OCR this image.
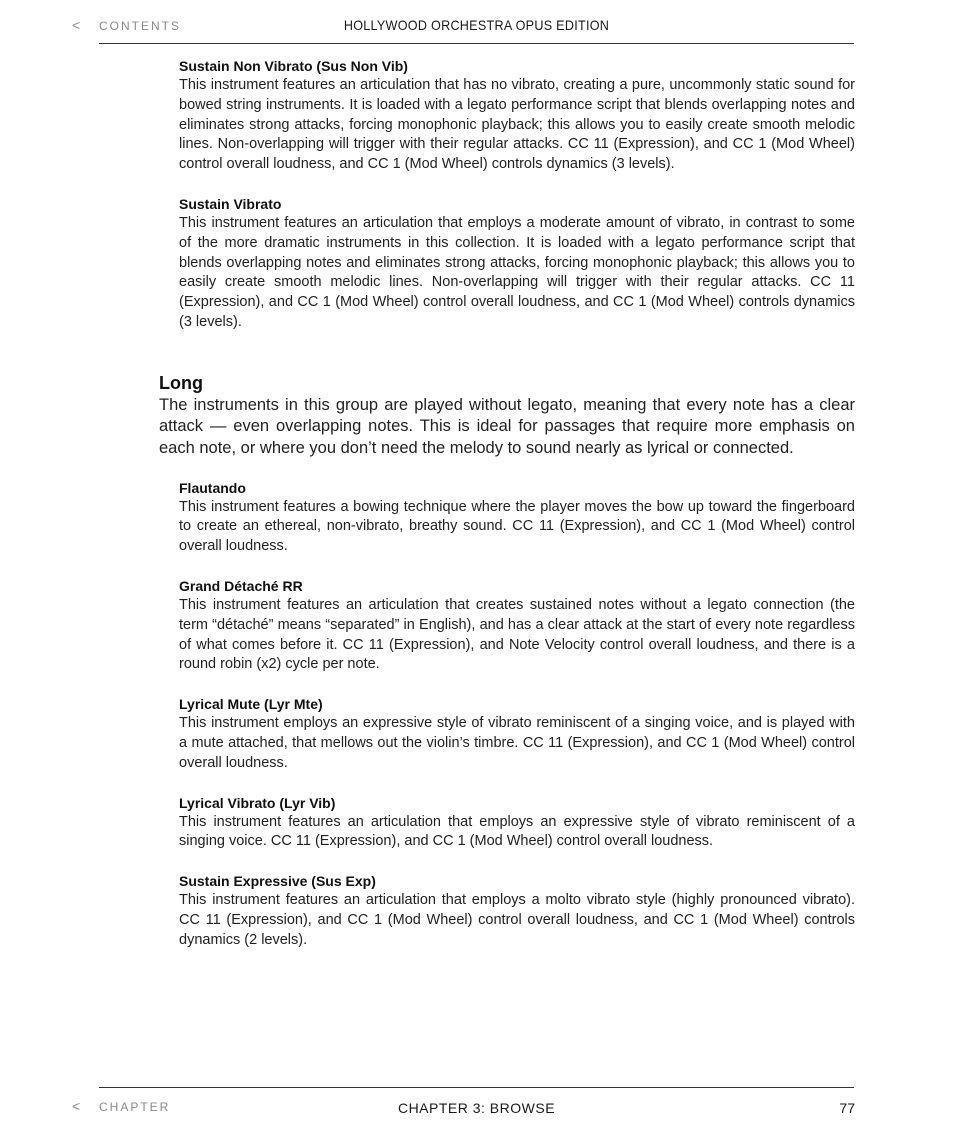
< CONTENTS	HOLLYWOOD ORCHESTRA OPUS EDITION
Sustain Non Vibrato (Sus Non Vib)

This instrument features an articulation that has no vibrato, creating a pure, uncommonly static sound for bowed string instruments. It is loaded with a legato performance script that blends overlapping notes and eliminates strong attacks, forcing monophonic playback; this allows you to easily create smooth melodic lines. Non-overlapping will trigger with their regular attacks. CC 11 (Expression), and CC 1 (Mod Wheel) control overall loudness, and CC 1 (Mod Wheel) controls dynamics (3 levels).

Sustain Vibrato

This instrument features an articulation that employs a moderate amount of vibrato, in contrast to some of the more dramatic instruments in this collection. It is loaded with a legato performance script that blends overlapping notes and eliminates strong attacks, forcing monophonic playback; this allows you to easily create smooth melodic lines. Non-overlapping will trigger with their regular attacks. CC 11 (Expression), and CC 1 (Mod Wheel) control overall loudness, and CC 1 (Mod Wheel) controls dynamics (3 levels).

Long

The instruments in this group are played without legato, meaning that every note has a clear attack — even overlapping notes. This is ideal for passages that require more emphasis on each note, or where you don’t need the melody to sound nearly as lyrical or connected.

Flautando

This instrument features a bowing technique where the player moves the bow up toward the fingerboard to create an ethereal, non-vibrato, breathy sound. CC 11 (Expression), and CC 1 (Mod Wheel) control overall loudness.

Grand Détaché RR

This instrument features an articulation that creates sustained notes without a legato connection (the term “détaché” means “separated” in English), and has a clear attack at the start of every note regardless of what comes before it. CC 11 (Expression), and Note Velocity control overall loudness, and there is a round robin (x2) cycle per note.

Lyrical Mute (Lyr Mte)

This instrument employs an expressive style of vibrato reminiscent of a singing voice, and is played with a mute attached, that mellows out the violin’s timbre. CC 11 (Expression), and CC 1 (Mod Wheel) control overall loudness.

Lyrical Vibrato (Lyr Vib)

This instrument features an articulation that employs an expressive style of vibrato reminiscent of a singing voice. CC 11 (Expression), and CC 1 (Mod Wheel) control overall loudness.

Sustain Expressive (Sus Exp)

This instrument features an articulation that employs a molto vibrato style (highly pronounced vibrato). CC 11 (Expression), and CC 1 (Mod Wheel) control overall loudness, and CC 1 (Mod Wheel) controls dynamics (2 levels).

< CHAPTER	CHAPTER 3: BROWSE	77
